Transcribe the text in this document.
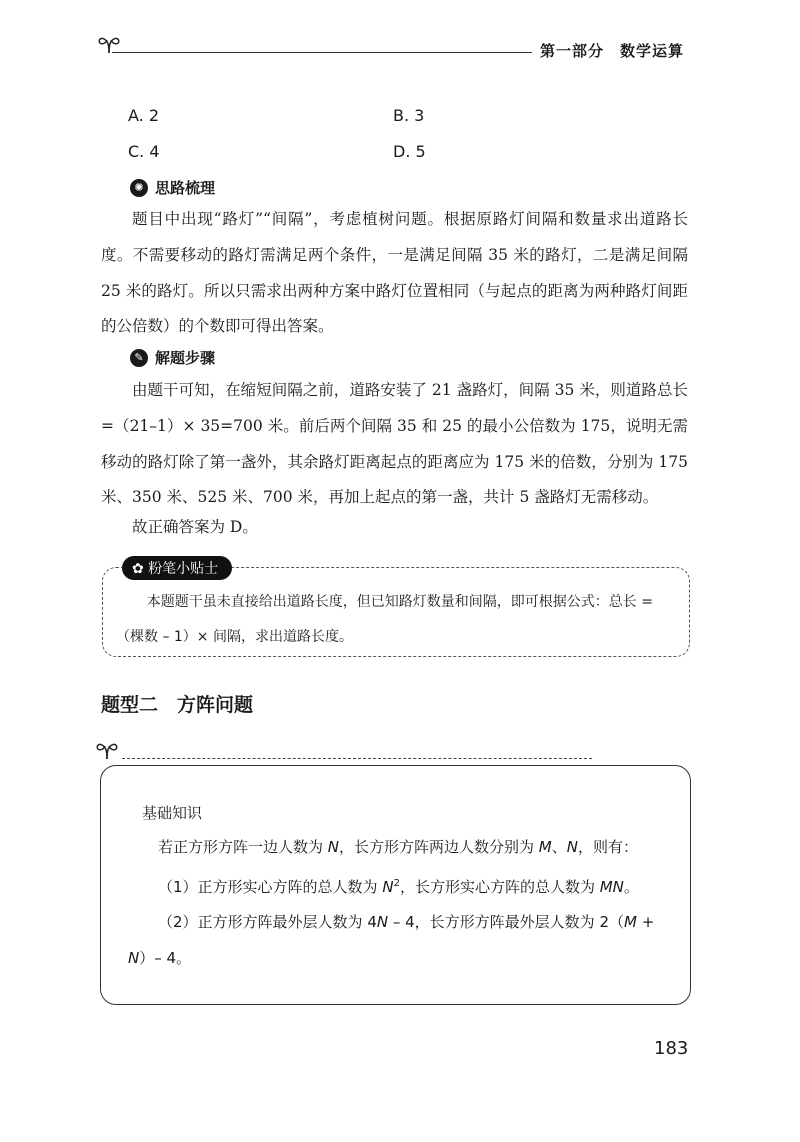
第一部分　数学运算
A. 2	B. 3
C. 4	D. 5
✺ 思路梳理
题目中出现“路灯”“间隔”，考虑植树问题。根据原路灯间隔和数量求出道路长度。不需要移动的路灯需满足两个条件，一是满足间隔 35 米的路灯，二是满足间隔 25 米的路灯。所以只需求出两种方案中路灯位置相同（与起点的距离为两种路灯间距的公倍数）的个数即可得出答案。
✎ 解题步骤
由题干可知，在缩短间隔之前，道路安装了 21 盏路灯，间隔 35 米，则道路总长 =（21–1）× 35=700 米。前后两个间隔 35 和 25 的最小公倍数为 175，说明无需移动的路灯除了第一盏外，其余路灯距离起点的距离应为 175 米的倍数，分别为 175 米、350 米、525 米、700 米，再加上起点的第一盏，共计 5 盏路灯无需移动。
故正确答案为 D。
✿ 粉笔小贴士
本题题干虽未直接给出道路长度，但已知路灯数量和间隔，即可根据公式：总长 =（棵数 – 1）× 间隔，求出道路长度。
题型二　方阵问题
基础知识
若正方形方阵一边人数为 N，长方形方阵两边人数分别为 M、N，则有：
（1）正方形实心方阵的总人数为 $N^2$，长方形实心方阵的总人数为 MN。
（2）正方形方阵最外层人数为 4N – 4，长方形方阵最外层人数为 2（M + N）– 4。
183
